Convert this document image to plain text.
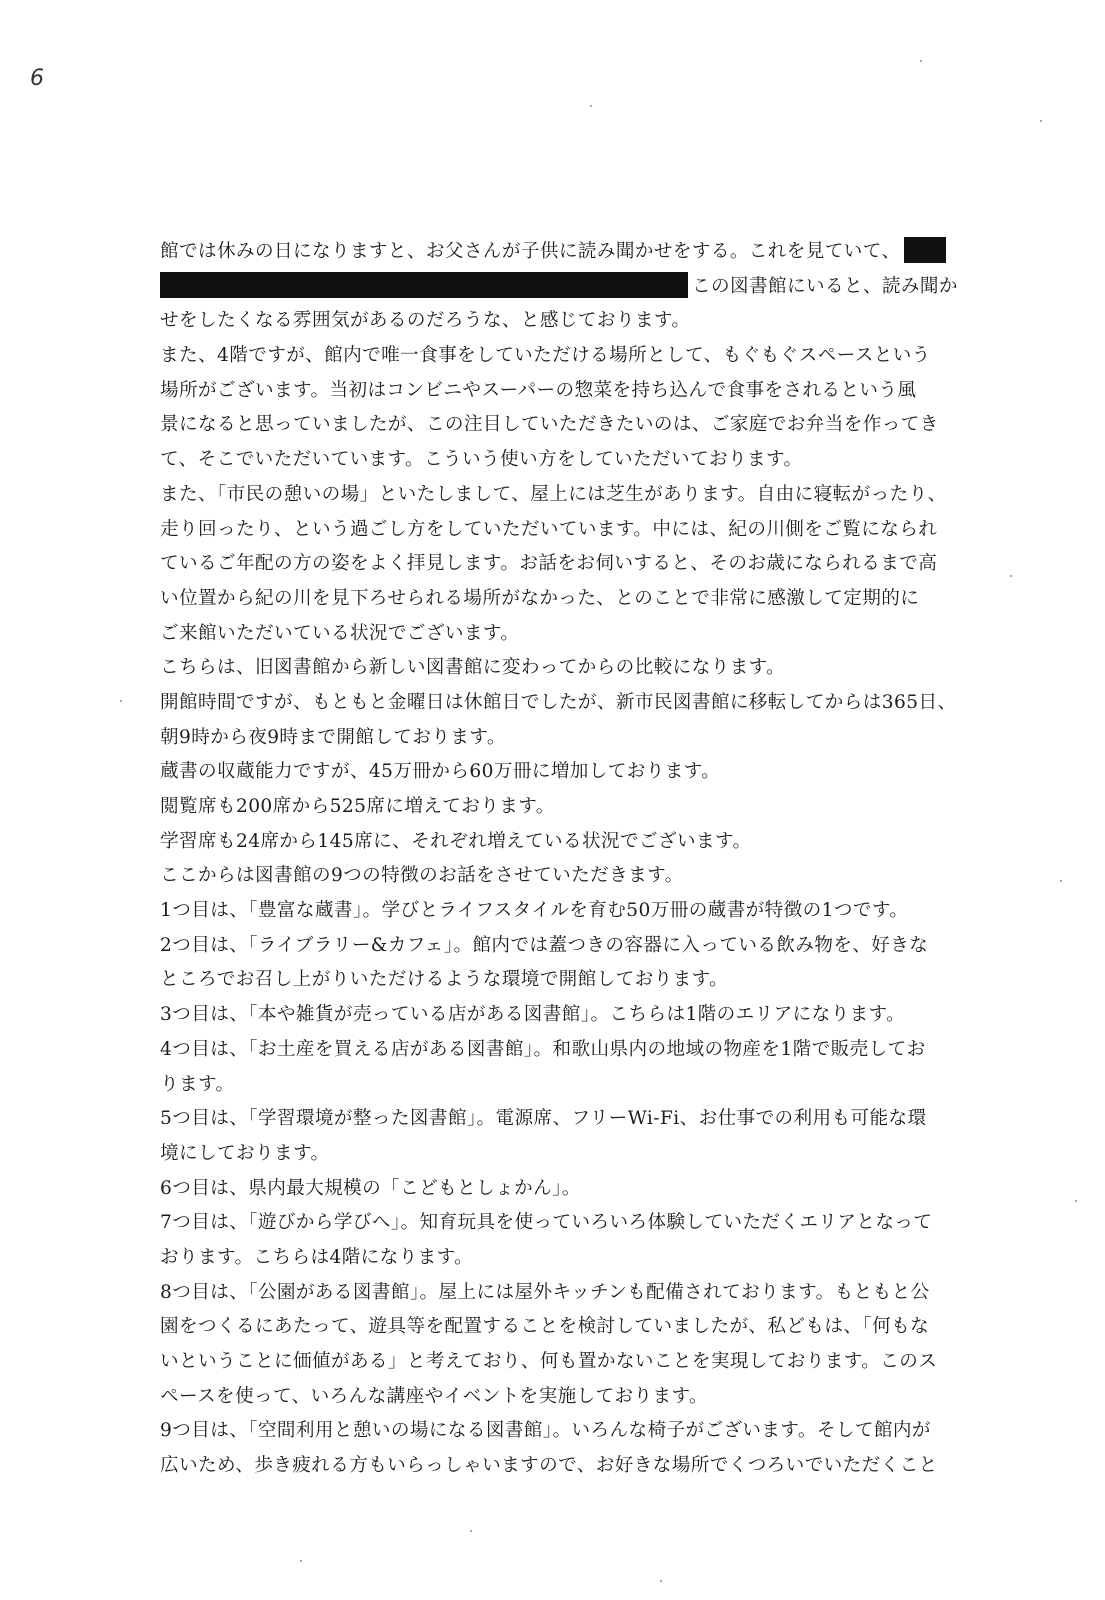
6
館では休みの日になりますと、お父さんが子供に読み聞かせをする。これを見ていて、
この図書館にいると、読み聞か
せをしたくなる雰囲気があるのだろうな、と感じております。
また、4階ですが、館内で唯一食事をしていただける場所として、もぐもぐスペースという
場所がございます。当初はコンビニやスーパーの惣菜を持ち込んで食事をされるという風
景になると思っていましたが、この注目していただきたいのは、ご家庭でお弁当を作ってき
て、そこでいただいています。こういう使い方をしていただいております。
また、「市民の憩いの場」といたしまして、屋上には芝生があります。自由に寝転がったり、
走り回ったり、という過ごし方をしていただいています。中には、紀の川側をご覧になられ
ているご年配の方の姿をよく拝見します。お話をお伺いすると、そのお歳になられるまで高
い位置から紀の川を見下ろせられる場所がなかった、とのことで非常に感激して定期的に
ご来館いただいている状況でございます。
こちらは、旧図書館から新しい図書館に変わってからの比較になります。
開館時間ですが、もともと金曜日は休館日でしたが、新市民図書館に移転してからは365日、
朝9時から夜9時まで開館しております。
蔵書の収蔵能力ですが、45万冊から60万冊に増加しております。
閲覧席も200席から525席に増えております。
学習席も24席から145席に、それぞれ増えている状況でございます。
ここからは図書館の9つの特徴のお話をさせていただきます。
1つ目は、「豊富な蔵書」。学びとライフスタイルを育む50万冊の蔵書が特徴の1つです。
2つ目は、「ライブラリー&カフェ」。館内では蓋つきの容器に入っている飲み物を、好きな
ところでお召し上がりいただけるような環境で開館しております。
3つ目は、「本や雑貨が売っている店がある図書館」。こちらは1階のエリアになります。
4つ目は、「お土産を買える店がある図書館」。和歌山県内の地域の物産を1階で販売してお
ります。
5つ目は、「学習環境が整った図書館」。電源席、フリーWi-Fi、お仕事での利用も可能な環
境にしております。
6つ目は、県内最大規模の「こどもとしょかん」。
7つ目は、「遊びから学びへ」。知育玩具を使っていろいろ体験していただくエリアとなって
おります。こちらは4階になります。
8つ目は、「公園がある図書館」。屋上には屋外キッチンも配備されております。もともと公
園をつくるにあたって、遊具等を配置することを検討していましたが、私どもは、「何もな
いということに価値がある」と考えており、何も置かないことを実現しております。このス
ペースを使って、いろんな講座やイベントを実施しております。
9つ目は、「空間利用と憩いの場になる図書館」。いろんな椅子がございます。そして館内が
広いため、歩き疲れる方もいらっしゃいますので、お好きな場所でくつろいでいただくこと
